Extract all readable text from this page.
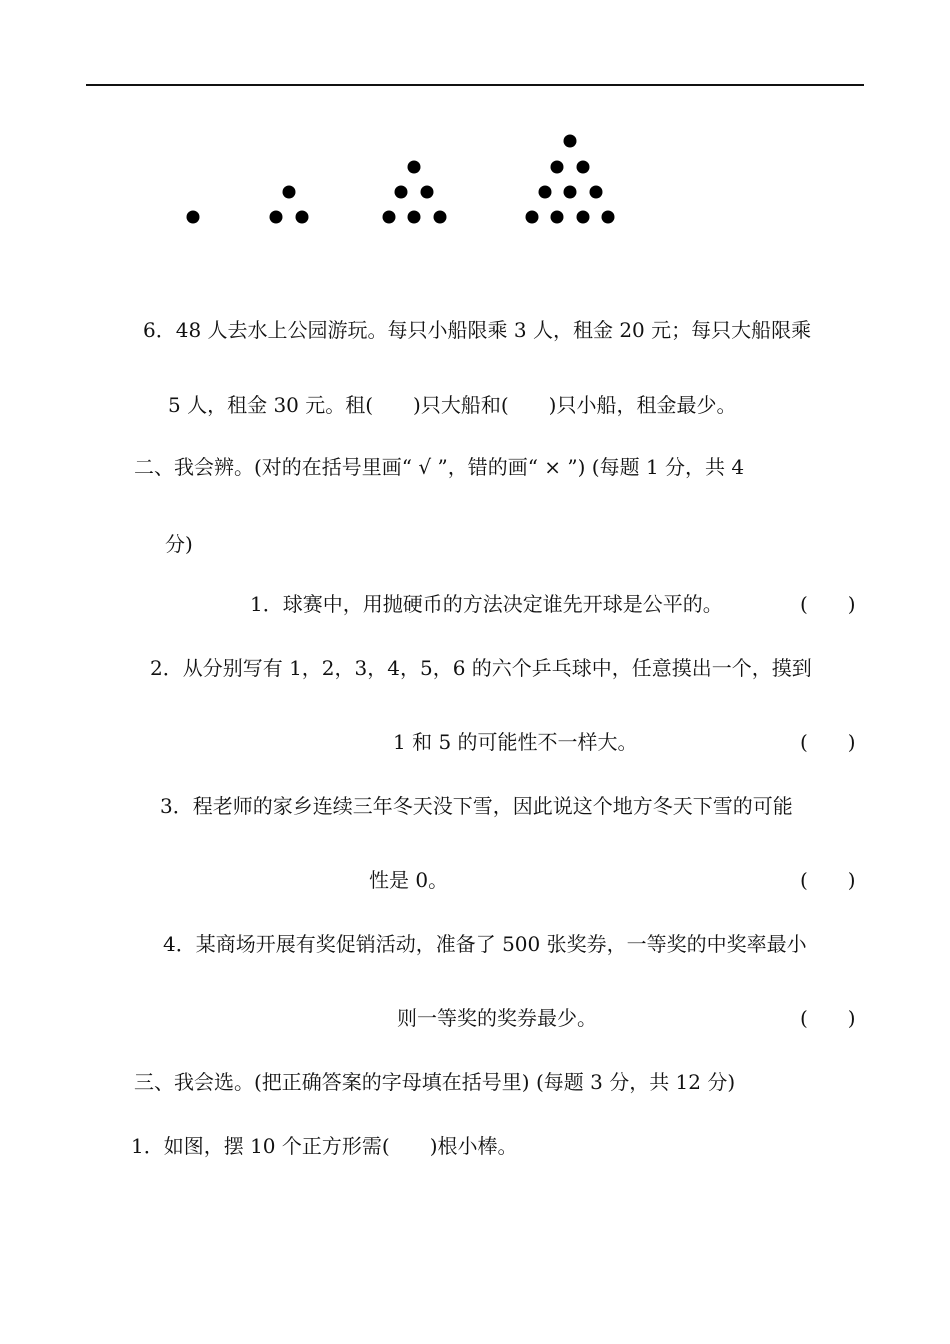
6．48 人去水上公园游玩。每只小船限乘 3 人，租金 20 元；每只大船限乘
5 人，租金 30 元。租(　　)只大船和(　　)只小船，租金最少。
二、我会辨。(对的在括号里画“ √ ”，错的画“ × ”) (每题 1 分，共 4
分)
1．球赛中，用抛硬币的方法决定谁先开球是公平的。	(　　)
2．从分别写有 1，2，3，4，5，6 的六个乒乓球中，任意摸出一个，摸到
1 和 5 的可能性不一样大。	(　　)
3．程老师的家乡连续三年冬天没下雪，因此说这个地方冬天下雪的可能
性是 0。	(　　)
4．某商场开展有奖促销活动，准备了 500 张奖券，一等奖的中奖率最小
则一等奖的奖券最少。	(　　)
三、我会选。(把正确答案的字母填在括号里) (每题 3 分，共 12 分)
1．如图，摆 10 个正方形需(　　)根小棒。
